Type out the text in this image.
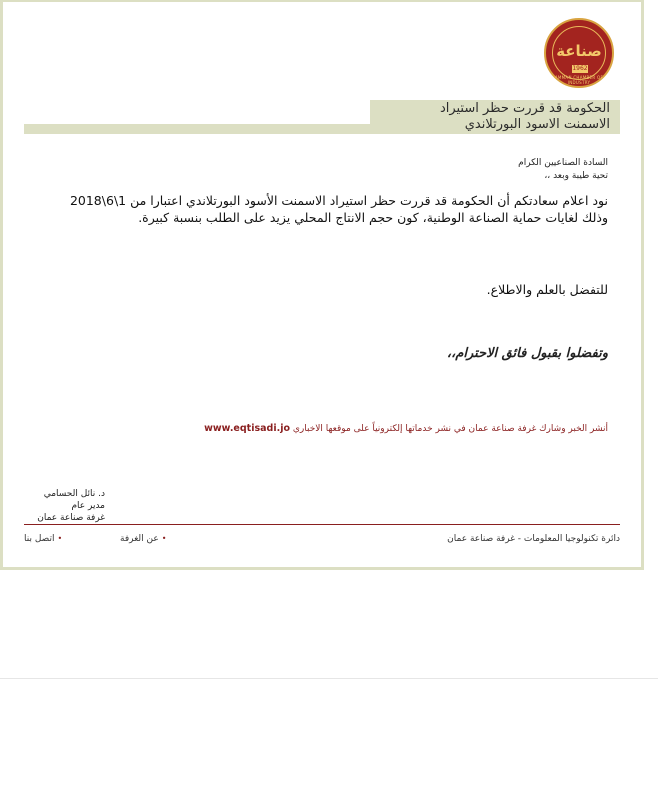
صناعة
1962
AMMAN CHAMBER OF INDUSTRY
الحكومة قد قررت حظر استيراد
الاسمنت الاسود البورتلاندي
السادة الصناعيين الكرام
تحية طيبة وبعد ،،
نود اعلام سعادتكم أن الحكومة قد قررت حظر استيراد الاسمنت الأسود البورتلاندي اعتبارا من 1\6\2018 وذلك لغايات حماية الصناعة الوطنية، كون حجم الانتاج المحلي يزيد على الطلب بنسبة كبيرة.
للتفضل بالعلم والاطلاع.
وتفضلوا بقبول فائق الاحترام،،
أنشر الخبر وشارك غرفة صناعة عمان في نشر خدماتها إلكترونياً على موقعها الاخباري www.eqtisadi.jo
د. نائل الحسامي
مدير عام
غرفة صناعة عمان
دائرة تكنولوجيا المعلومات - غرفة صناعة عمان
•عن الغرفة
•اتصل بنا
